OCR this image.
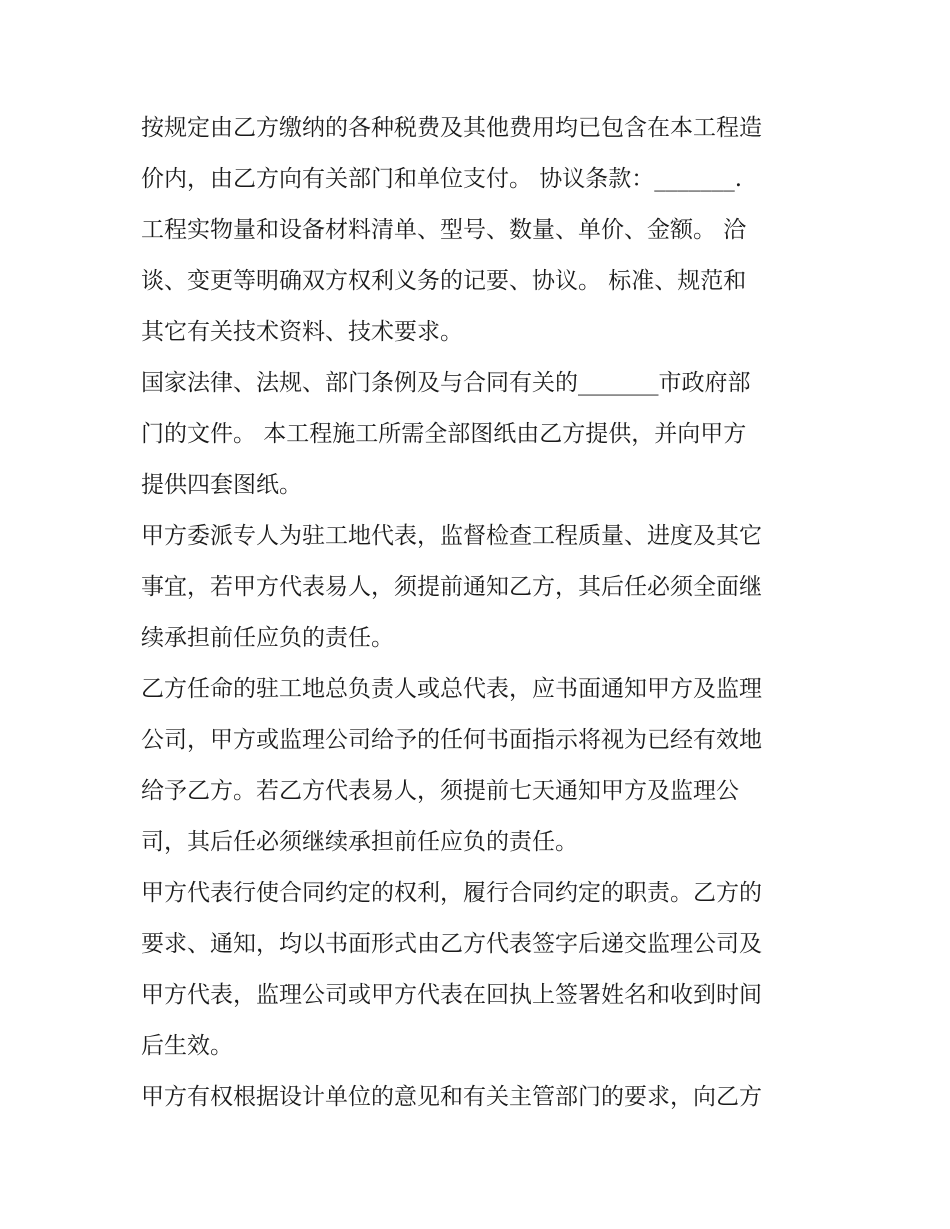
按规定由乙方缴纳的各种税费及其他费用均已包含在本工程造
价内，由乙方向有关部门和单位支付。 协议条款：_______.
工程实物量和设备材料清单、型号、数量、单价、金额。 洽
谈、变更等明确双方权利义务的记要、协议。 标准、规范和
其它有关技术资料、技术要求。
国家法律、法规、部门条例及与合同有关的_______市政府部
门的文件。 本工程施工所需全部图纸由乙方提供，并向甲方
提供四套图纸。
甲方委派专人为驻工地代表，监督检查工程质量、进度及其它
事宜，若甲方代表易人，须提前通知乙方，其后任必须全面继
续承担前任应负的责任。
乙方任命的驻工地总负责人或总代表，应书面通知甲方及监理
公司，甲方或监理公司给予的任何书面指示将视为已经有效地
给予乙方。若乙方代表易人，须提前七天通知甲方及监理公
司，其后任必须继续承担前任应负的责任。
甲方代表行使合同约定的权利，履行合同约定的职责。乙方的
要求、通知，均以书面形式由乙方代表签字后递交监理公司及
甲方代表，监理公司或甲方代表在回执上签署姓名和收到时间
后生效。
甲方有权根据设计单位的意见和有关主管部门的要求，向乙方
